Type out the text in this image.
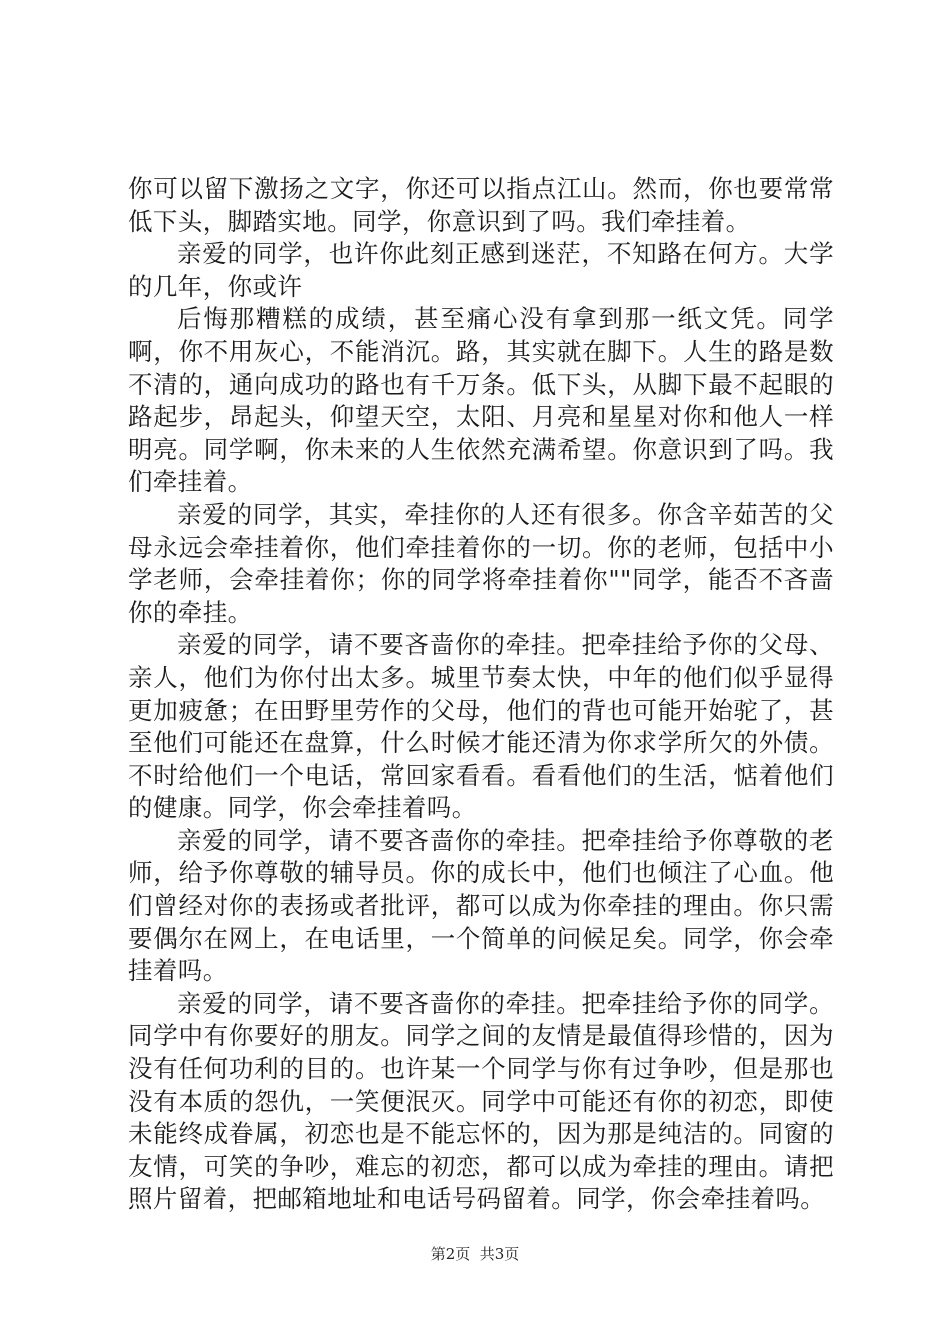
你可以留下激扬之文字，你还可以指点江山。然而，你也要常常低下头，脚踏实地。同学，你意识到了吗。我们牵挂着。

亲爱的同学，也许你此刻正感到迷茫，不知路在何方。大学的几年，你或许

后悔那糟糕的成绩，甚至痛心没有拿到那一纸文凭。同学啊，你不用灰心，不能消沉。路，其实就在脚下。人生的路是数不清的，通向成功的路也有千万条。低下头，从脚下最不起眼的路起步，昂起头，仰望天空，太阳、月亮和星星对你和他人一样明亮。同学啊，你未来的人生依然充满希望。你意识到了吗。我们牵挂着。

亲爱的同学，其实，牵挂你的人还有很多。你含辛茹苦的父母永远会牵挂着你，他们牵挂着你的一切。你的老师，包括中小学老师，会牵挂着你；你的同学将牵挂着你""同学，能否不吝啬你的牵挂。

亲爱的同学，请不要吝啬你的牵挂。把牵挂给予你的父母、亲人，他们为你付出太多。城里节奏太快，中年的他们似乎显得更加疲惫；在田野里劳作的父母，他们的背也可能开始驼了，甚至他们可能还在盘算，什么时候才能还清为你求学所欠的外债。不时给他们一个电话，常回家看看。看看他们的生活，惦着他们的健康。同学，你会牵挂着吗。

亲爱的同学，请不要吝啬你的牵挂。把牵挂给予你尊敬的老师，给予你尊敬的辅导员。你的成长中，他们也倾注了心血。他们曾经对你的表扬或者批评，都可以成为你牵挂的理由。你只需要偶尔在网上，在电话里，一个简单的问候足矣。同学，你会牵挂着吗。

亲爱的同学，请不要吝啬你的牵挂。把牵挂给予你的同学。同学中有你要好的朋友。同学之间的友情是最值得珍惜的，因为没有任何功利的目的。也许某一个同学与你有过争吵，但是那也没有本质的怨仇，一笑便泯灭。同学中可能还有你的初恋，即使未能终成眷属，初恋也是不能忘怀的，因为那是纯洁的。同窗的友情，可笑的争吵，难忘的初恋，都可以成为牵挂的理由。请把照片留着，把邮箱地址和电话号码留着。同学，你会牵挂着吗。

第2页  共3页
